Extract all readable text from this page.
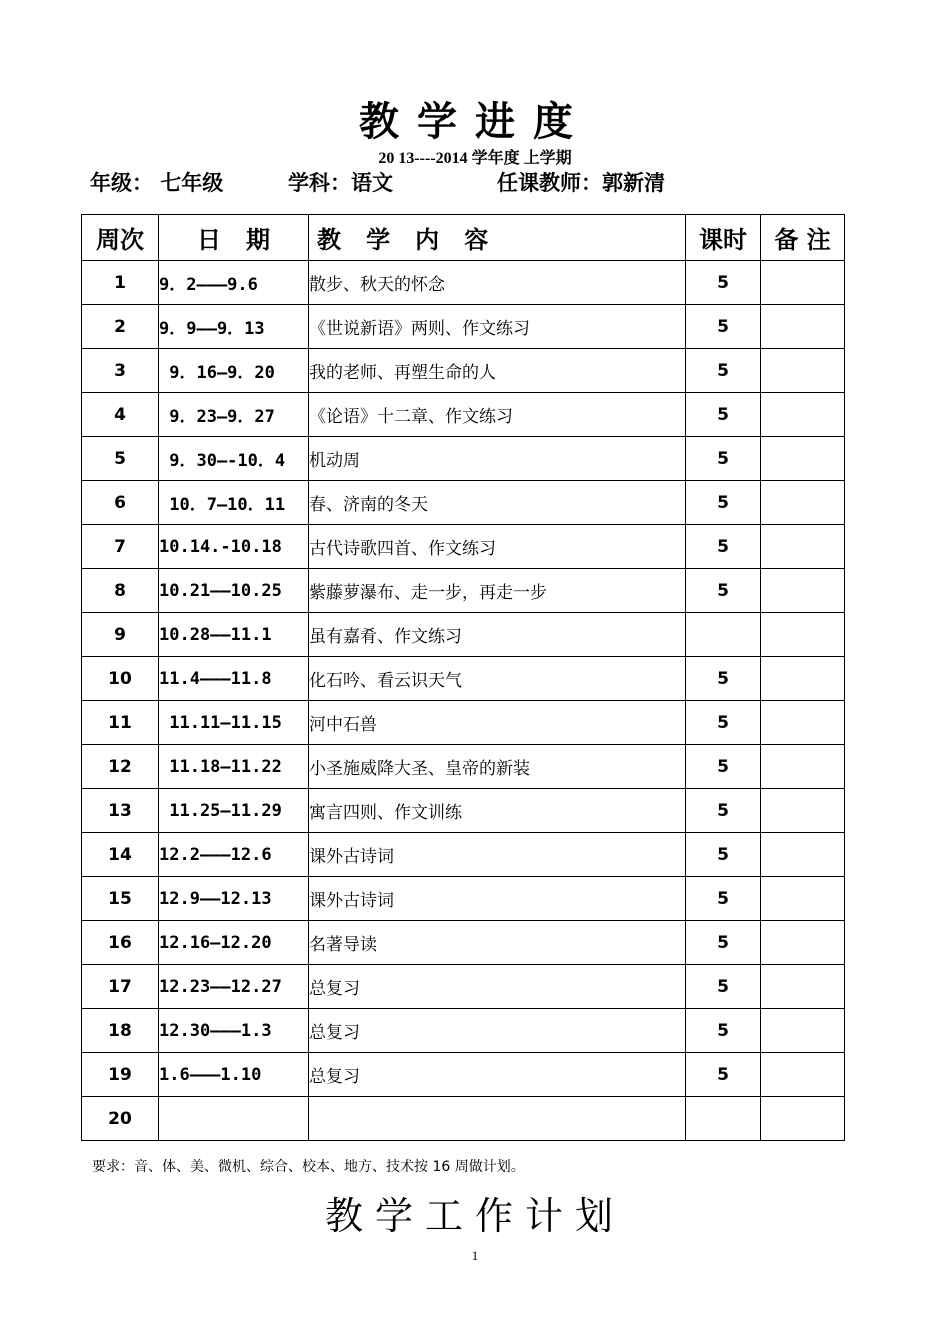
教学进度
20 13----2014 学年度 上学期
年级： 七年级	学科：语文	任课教师：郭新清
周次	日   期	教   学   内   容	课时	备 注
1	9．2—––9.6	散步、秋天的怀念	5	
2	9．9—–9．13	《世说新语》两则、作文练习	5	
3	9．16—9．20	我的老师、再塑生命的人	5	
4	9．23—9．27	《论语》十二章、作文练习	5	
5	9．30—-10．4	机动周	5	
6	10．7—10．11	春、济南的冬天	5	
7	10.14.-10.18	古代诗歌四首、作文练习	5	
8	10.21——10.25	紫藤萝瀑布、走一步，再走一步	5	
9	10.28——11.1	虽有嘉肴、作文练习		
10	11.4—–—11.8	化石吟、看云识天气	5	
11	11.11—11.15	河中石兽	5	
12	11.18—11.22	小圣施威降大圣、皇帝的新装	5	
13	11.25—11.29	寓言四则、作文训练	5	
14	12.2——–12.6	课外古诗词	5	
15	12.9——12.13	课外古诗词	5	
16	12.16—12.20	名著导读	5	
17	12.23——12.27	总复习	5	
18	12.30———1.3	总复习	5	
19	1.6———1.10	总复习	5	
20				
要求：音、体、美、微机、综合、校本、地方、技术按 16 周做计划。
教学工作计划
1
